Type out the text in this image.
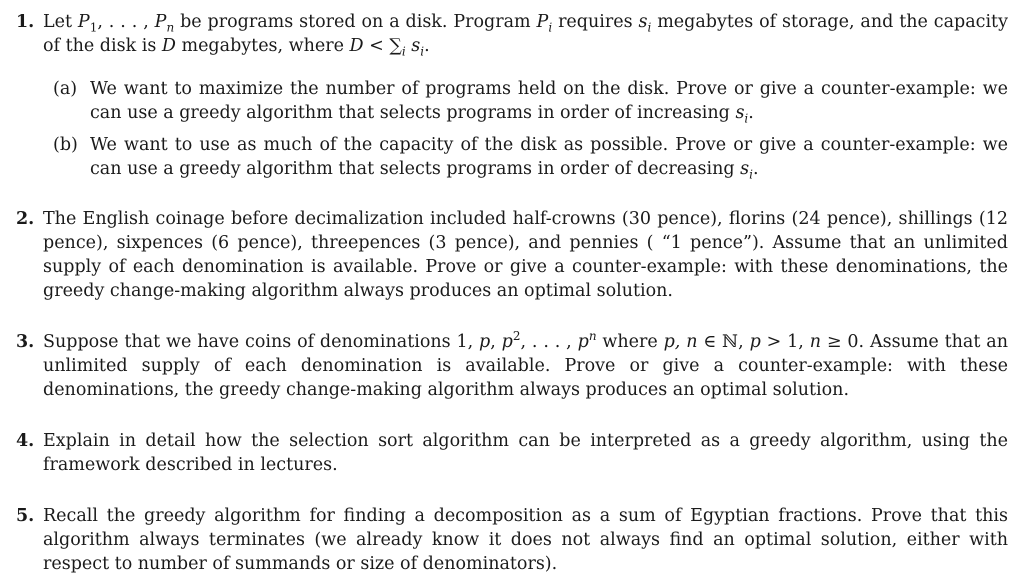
1. Let $P_1$, . . . , $P_n$ be programs stored on a disk. Program $P_i$ requires $s_i$ megabytes of storage, and the capacity of the disk is D megabytes, where $D < \sum_i$ $s_i$.
(a) We want to maximize the number of programs held on the disk. Prove or give a counter-example: we can use a greedy algorithm that selects programs in order of increasing $s_i$.
(b) We want to use as much of the capacity of the disk as possible. Prove or give a counter-example: we can use a greedy algorithm that selects programs in order of decreasing $s_i$.
2. The English coinage before decimalization included half-crowns (30 pence), florins (24 pence), shillings (12 pence), sixpences (6 pence), threepences (3 pence), and pennies ( “1 pence”). Assume that an unlimited supply of each denomination is available. Prove or give a counter-example: with these denominations, the greedy change-making algorithm always produces an optimal solution.
3. Suppose that we have coins of denominations 1, p, $p^2$, . . . , $p^n$ where p, n ∈ ℕ, p > 1, n ≥ 0. Assume that an unlimited supply of each denomination is available. Prove or give a counter-example: with these denominations, the greedy change-making algorithm always produces an optimal solution.
4. Explain in detail how the selection sort algorithm can be interpreted as a greedy algorithm, using the framework described in lectures.
5. Recall the greedy algorithm for finding a decomposition as a sum of Egyptian fractions. Prove that this algorithm always terminates (we already know it does not always find an optimal solution, either with respect to number of summands or size of denominators).
